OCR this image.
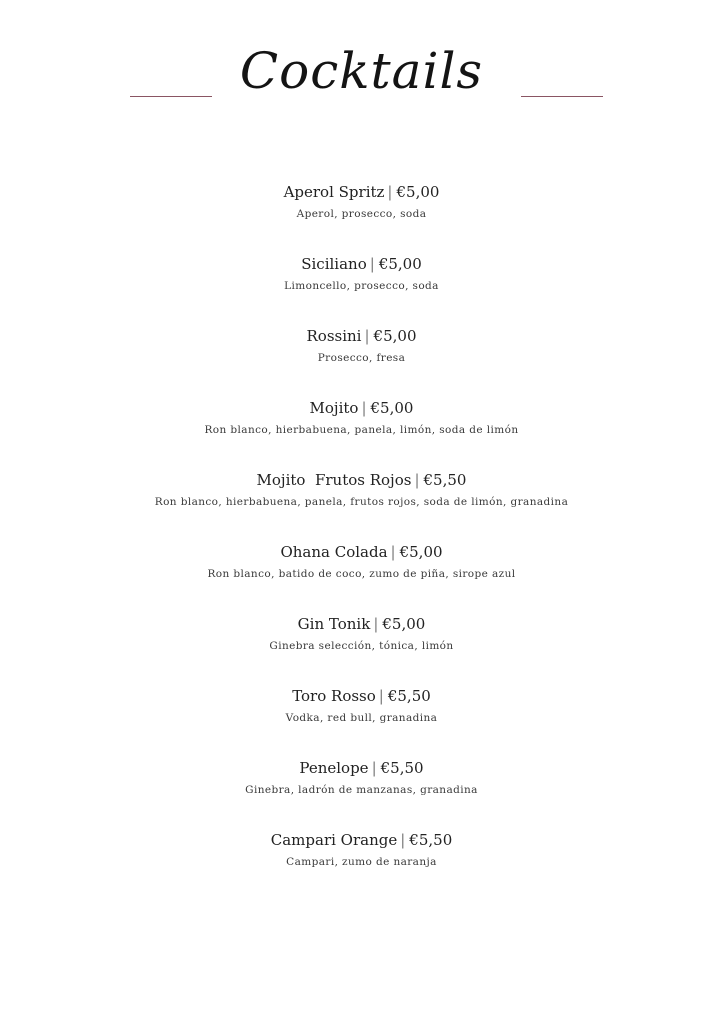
Cocktails
Aperol Spritz | €5,00
Aperol, prosecco, soda
Siciliano | €5,00
Limoncello, prosecco, soda
Rossini | €5,00
Prosecco, fresa
Mojito | €5,00
Ron blanco, hierbabuena, panela, limón, soda de limón
Mojito  Frutos Rojos | €5,50
Ron blanco, hierbabuena, panela, frutos rojos, soda de limón, granadina
Ohana Colada | €5,00
Ron blanco, batido de coco, zumo de piña, sirope azul
Gin Tonik | €5,00
Ginebra selección, tónica, limón
Toro Rosso | €5,50
Vodka, red bull, granadina
Penelope | €5,50
Ginebra, ladrón de manzanas, granadina
Campari Orange | €5,50
Campari, zumo de naranja
